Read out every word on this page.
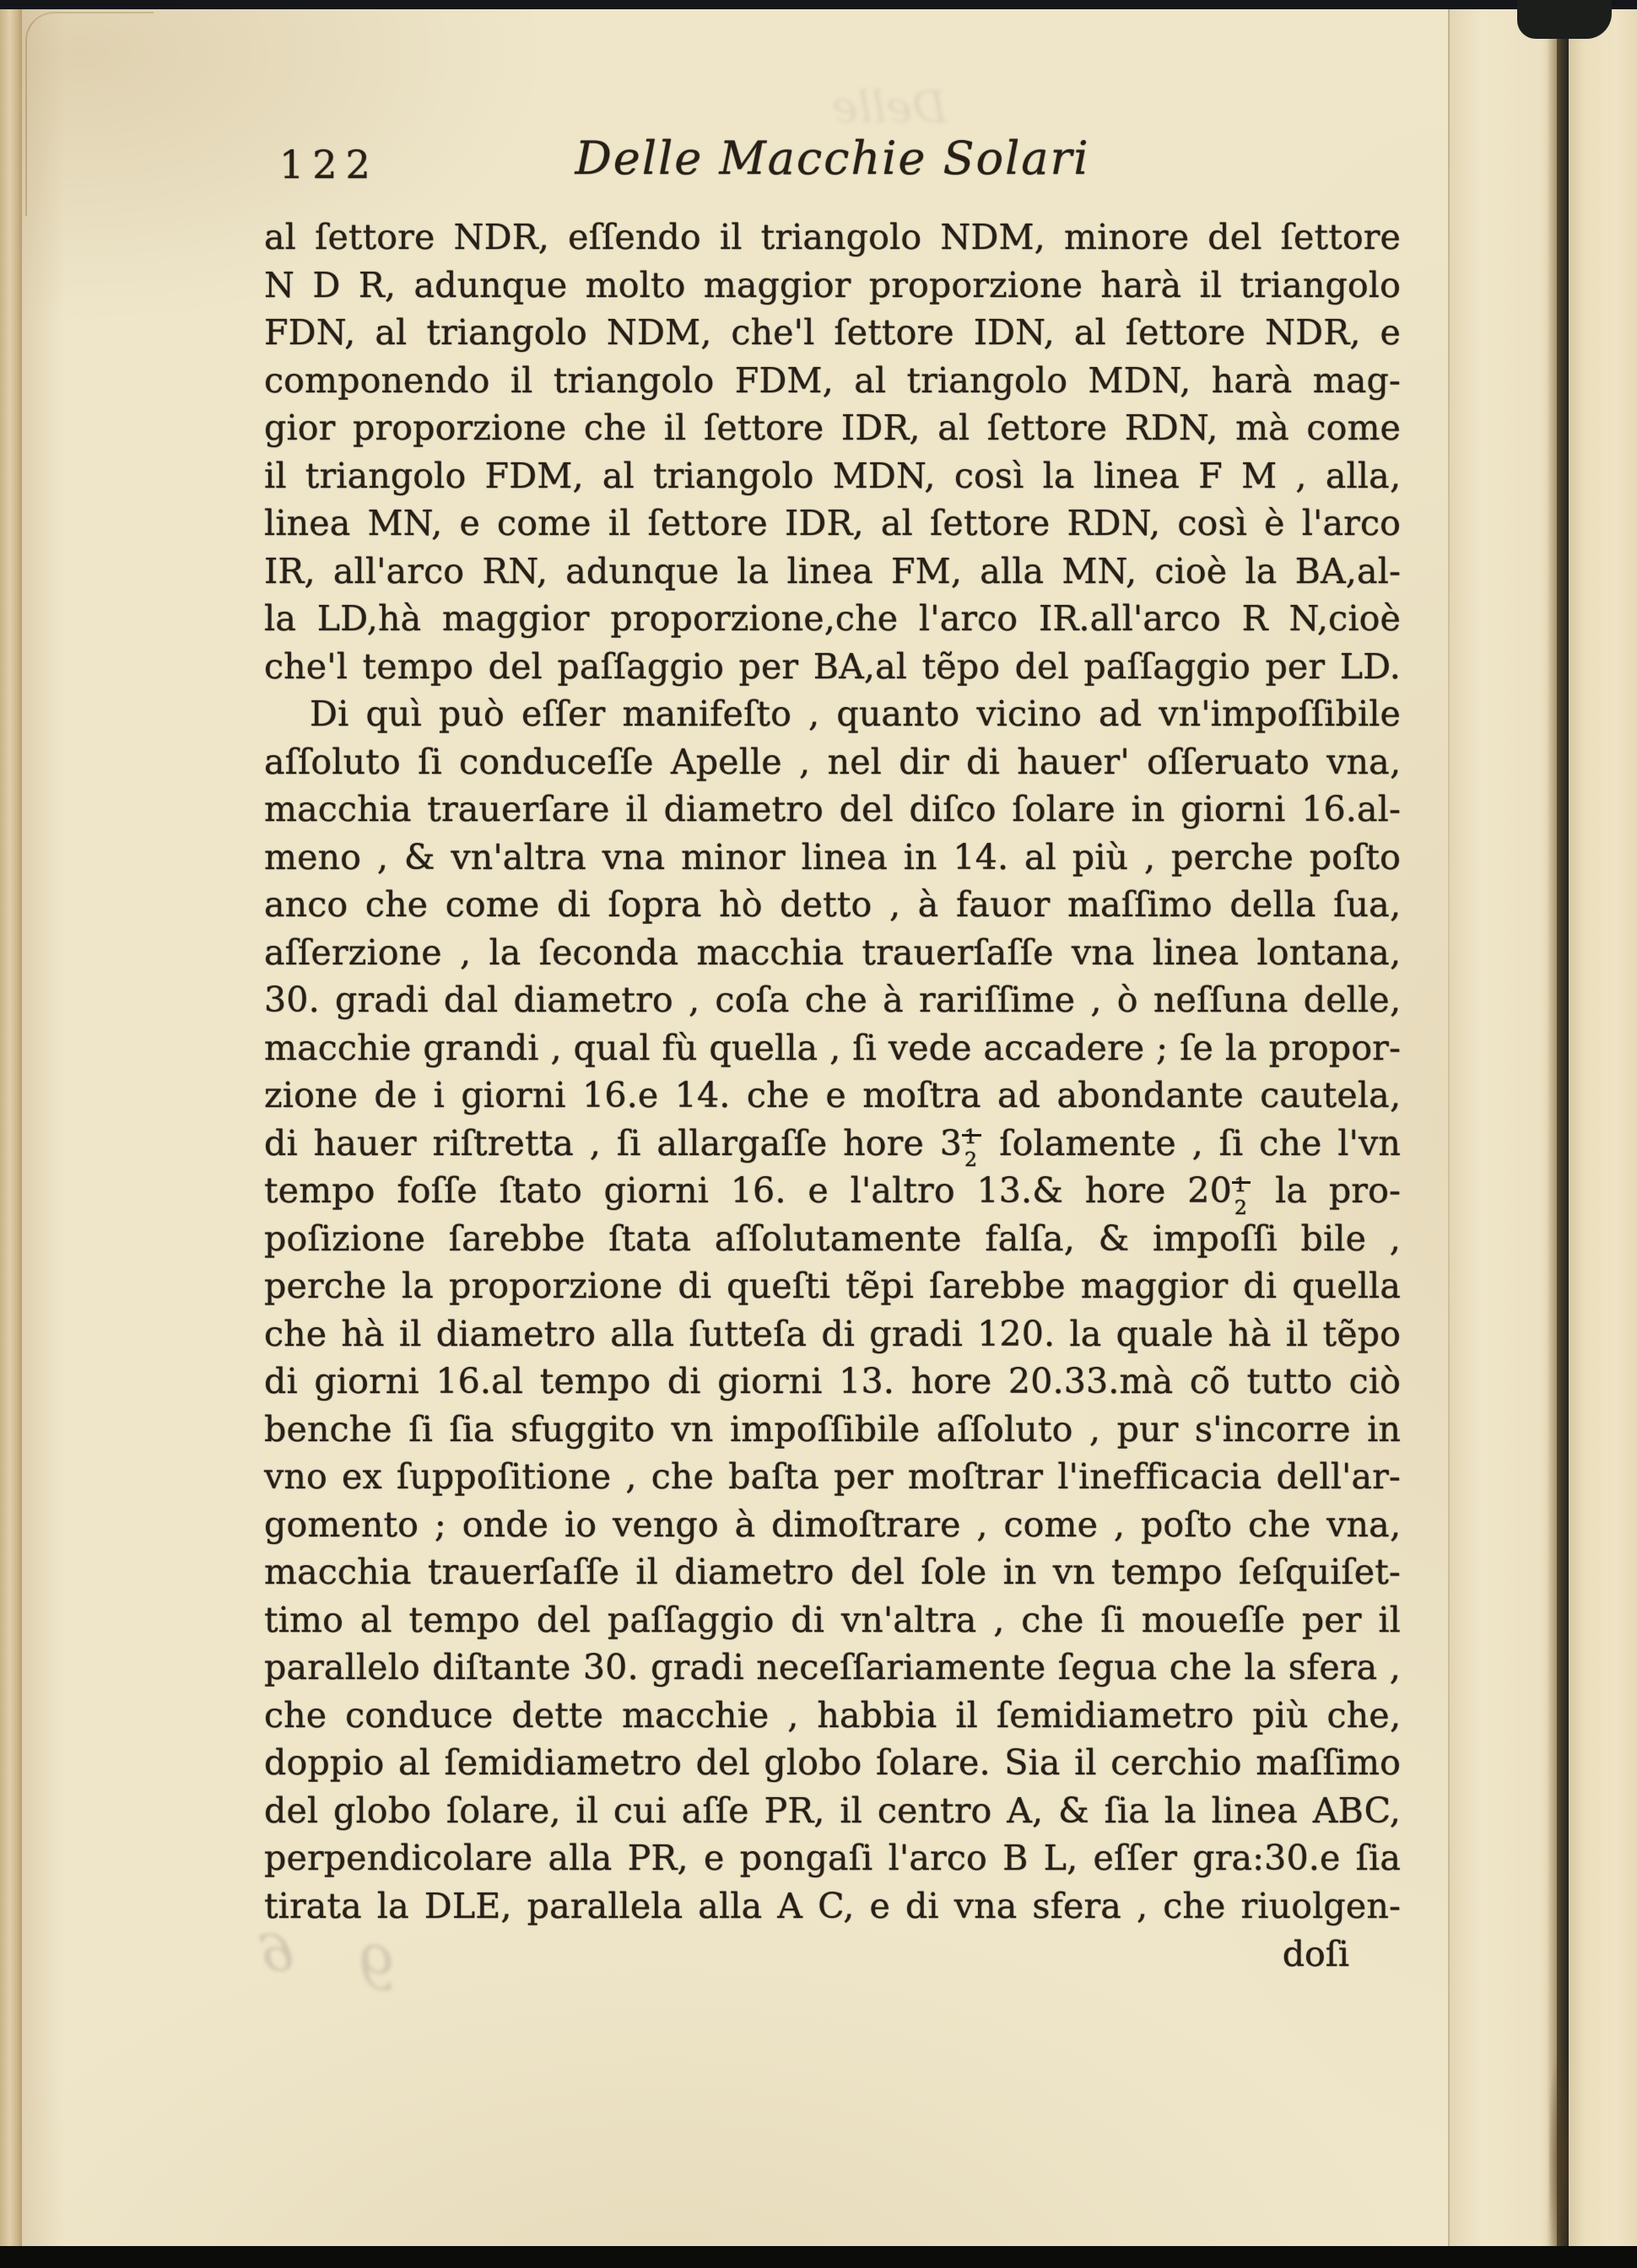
Delle
122	Delle Macchie Solari
al ſettore NDR, eſſendo il triangolo NDM, minore del ſettore
N D R, adunque molto maggior proporzione harà il triangolo
FDN, al triangolo NDM, che'l ſettore IDN, al ſettore NDR, e
componendo il triangolo FDM, al triangolo MDN, harà mag-
gior proporzione che il ſettore IDR, al ſettore RDN, mà come
il triangolo FDM, al triangolo MDN, così la linea F M , alla‚
linea MN, e come il ſettore IDR, al ſettore RDN, così è l'arco
IR, all'arco RN, adunque la linea FM, alla MN, cioè la BA,al-
la LD,hà maggior proporzione,che l'arco IR.all'arco R N,cioè
che'l tempo del paſſaggio per BA,al tẽpo del paſſaggio per LD.
Di quì può eſſer manifeſto , quanto vicino ad vn'impoſſibile
aſſoluto ſi conduceſſe Apelle , nel dir di hauer' oſſeruato vna‚
macchia trauerſare il diametro del diſco ſolare in giorni 16.al-
meno , & vn'altra vna minor linea in 14. al più , perche poſto
anco che come di ſopra hò detto , à fauor maſſimo della ſua‚
aſſerzione , la ſeconda macchia trauerſaſſe vna linea lontana‚
30. gradi dal diametro , coſa che à rariſſime , ò neſſuna delle‚
macchie grandi , qual fù quella , ſi vede accadere ; ſe la propor-
zione de i giorni 16.e 14. che e moſtra ad abondante cautela‚
di hauer riſtretta , ſi allargaſſe hore 3 1
2 ſolamente , ſi che l'vn
tempo foſſe ſtato giorni 16. e l'altro 13.& hore 20 1
2 la pro-
poſizione ſarebbe ſtata aſſolutamente falſa, & impoſſi bile ,
perche la proporzione di queſti tẽpi ſarebbe maggior di quella
che hà il diametro alla ſutteſa di gradi 120. la quale hà il tẽpo
di giorni 16.al tempo di giorni 13. hore 20.33.mà cõ tutto ciò
benche ſi ſia sfuggito vn impoſſibile aſſoluto , pur s'incorre in
vno ex ſuppoſitione , che baſta per moſtrar l'inefficacia dell'ar-
gomento ; onde io vengo à dimoſtrare , come , poſto che vna‚
macchia trauerſaſſe il diametro del ſole in vn tempo ſeſquiſet-
timo al tempo del paſſaggio di vn'altra , che ſi moueſſe per il
parallelo diſtante 30. gradi neceſſariamente ſegua che la sfera ,
che conduce dette macchie , habbia il ſemidiametro più che‚
doppio al ſemidiametro del globo ſolare. Sia il cerchio maſſimo
del globo ſolare, il cui aſſe PR, il centro A, & ſia la linea ABC,
perpendicolare alla PR, e pongaſi l'arco B L, eſſer gra:30.e ſia
tirata la DLE, parallela alla A C, e di vna sfera , che riuolgen-
doſi
6 9
